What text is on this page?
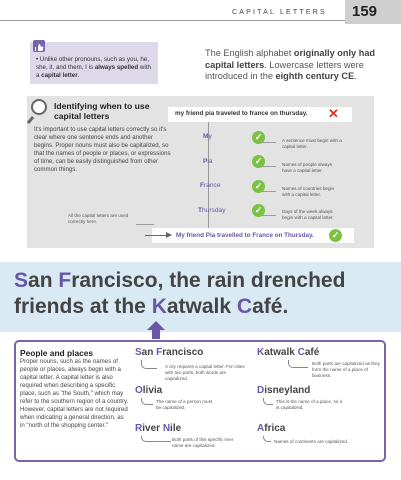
CAPITAL LETTERS 159
• Unlike other pronouns, such as you, he, she, it, and them, I is always spelled with a capital letter.
The English alphabet originally only had capital letters. Lowercase letters were introduced in the eighth century CE.
Identifying when to use capital letters
It's important to use capital letters correctly so it's clear where one sentence ends and another begins. Proper nouns must also be capitalized, so that the names of people or places, or expressions of time, can be easily distinguished from other common things.
All the capital letters are used correctly here.
my friend pia traveled to france on thursday. ✕
My	✓	A sentence must begin with a capital letter.
Pia	✓	Names of people always have a capital letter.
France	✓	Names of countries begin with a capital letter.
Thursday	✓	Days of the week always begin with a capital letter.
My friend Pia travelled to France on Thursday.	✓
San Francisco, the rain drenched friends at the Katwalk Café.
People and places
Proper nouns, such as the names of people or places, always begin with a capital letter. A capital letter is also required when describing a specific place, such as "the South," which may refer to the southern region of a country. However, capital letters are not required when indicating a general direction, as in "north of the shopping center."
San Francisco
A city requires a capital letter. For cities with two parts, both words are capitalized.
Katwalk Café
Both parts are capitalized as they form the name of a place of business.
Olivia
The name of a person must be capitalized.
Disneyland
This is the name of a place, so it is capitalized.
River Nile
Both parts of this specific river name are capitalized.
Africa
Names of continents are capitalized.
